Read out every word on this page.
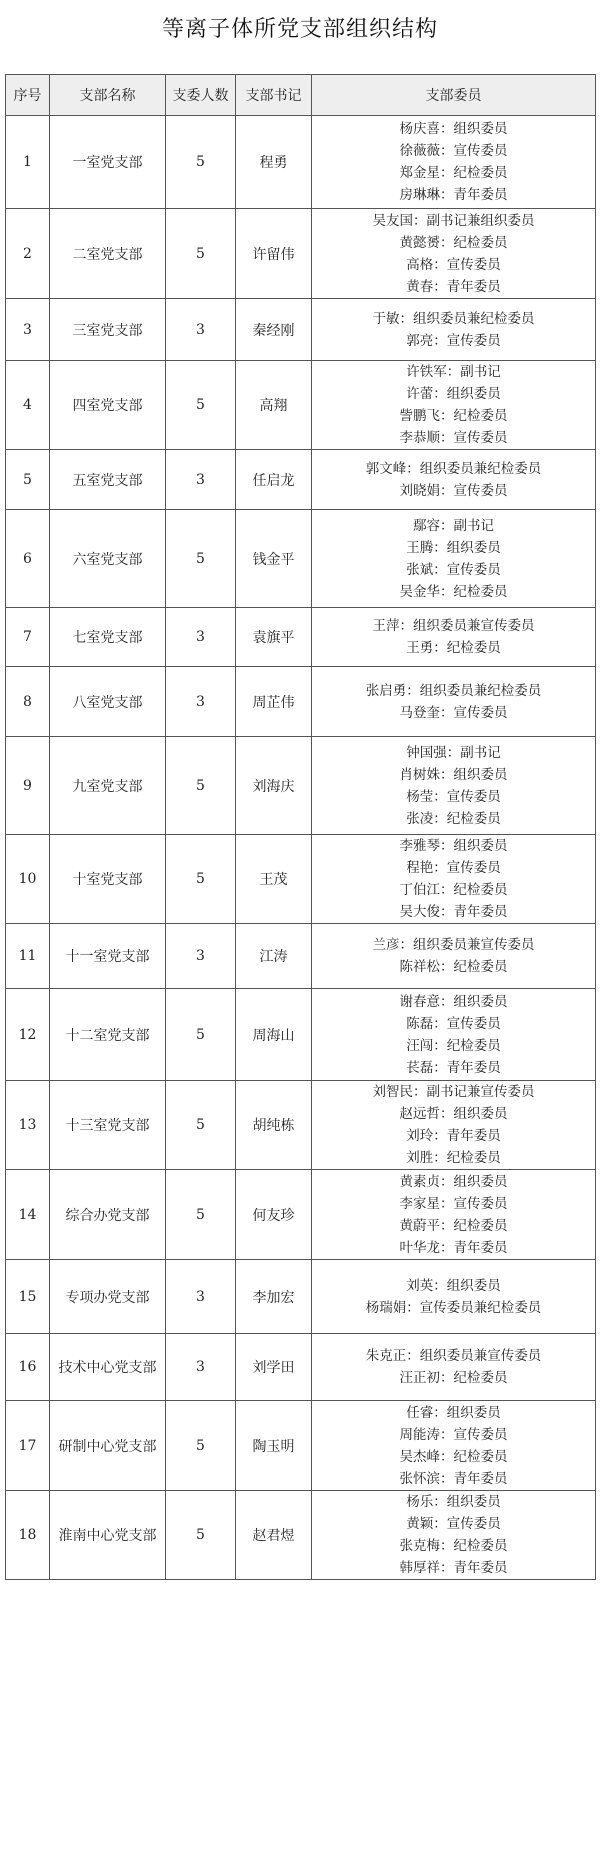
等离子体所党支部组织结构
序号	支部名称	支委人数	支部书记	支部委员
1	一室党支部	5	程勇	杨庆喜：组织委员
徐薇薇：宣传委员
郑金星：纪检委员
房琳琳：青年委员

2	二室党支部	5	许留伟	吴友国：副书记兼组织委员
黄懿赟：纪检委员
高格：宣传委员
黄春：青年委员

3	三室党支部	3	秦经刚	于敏：组织委员兼纪检委员
郭亮：宣传委员

4	四室党支部	5	高翔	许铁军：副书记
许蕾：组织委员
訾鹏飞：纪检委员
李恭顺：宣传委员

5	五室党支部	3	任启龙	郭文峰：组织委员兼纪检委员
刘晓娟：宣传委员

6	六室党支部	5	钱金平	鄢容：副书记
王腾：组织委员
张斌：宣传委员
吴金华：纪检委员

7	七室党支部	3	袁旗平	王萍：组织委员兼宣传委员
王勇：纪检委员

8	八室党支部	3	周芷伟	张启勇：组织委员兼纪检委员
马登奎：宣传委员

9	九室党支部	5	刘海庆	钟国强：副书记
肖树姝：组织委员
杨莹：宣传委员
张凌：纪检委员

10	十室党支部	5	王茂	李雅琴：组织委员
程艳：宣传委员
丁伯江：纪检委员
吴大俊：青年委员

11	十一室党支部	3	江涛	兰彦：组织委员兼宣传委员
陈祥松：纪检委员

12	十二室党支部	5	周海山	谢春意：组织委员
陈磊：宣传委员
汪闯：纪检委员
苌磊：青年委员

13	十三室党支部	5	胡纯栋	刘智民：副书记兼宣传委员
赵远哲：组织委员
刘玲：青年委员
刘胜：纪检委员

14	综合办党支部	5	何友珍	黄素贞：组织委员
李家星：宣传委员
黄蔚平：纪检委员
叶华龙：青年委员

15	专项办党支部	3	李加宏	刘英：组织委员
杨瑞娟：宣传委员兼纪检委员

16	技术中心党支部	3	刘学田	朱克正：组织委员兼宣传委员
汪正初：纪检委员

17	研制中心党支部	5	陶玉明	任睿：组织委员
周能涛：宣传委员
吴杰峰：纪检委员
张怀滨：青年委员

18	淮南中心党支部	5	赵君煜	杨乐：组织委员
黄颖：宣传委员
张克梅：纪检委员
韩厚祥：青年委员
